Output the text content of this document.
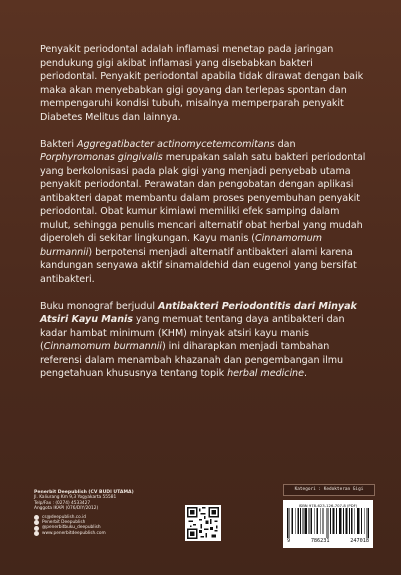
Penyakit periodontal adalah inflamasi menetap pada jaringan pendukung gigi akibat inflamasi yang disebabkan bakteri periodontal. Penyakit periodontal apabila tidak dirawat dengan baik maka akan menyebabkan gigi goyang dan terlepas spontan dan mempengaruhi kondisi tubuh, misalnya memperparah penyakit Diabetes Melitus dan lainnya.

Bakteri Aggregatibacter actinomycetemcomitans dan Porphyromonas gingivalis merupakan salah satu bakteri periodontal yang berkolonisasi pada plak gigi yang menjadi penyebab utama penyakit periodontal. Perawatan dan pengobatan dengan aplikasi antibakteri dapat membantu dalam proses penyembuhan penyakit periodontal. Obat kumur kimiawi memiliki efek samping dalam mulut, sehingga penulis mencari alternatif obat herbal yang mudah diperoleh di sekitar lingkungan. Kayu manis (Cinnamomum burmannii) berpotensi menjadi alternatif antibakteri alami karena kandungan senyawa aktif sinamaldehid dan eugenol yang bersifat antibakteri.

Buku monograf berjudul Antibakteri Periodontitis dari Minyak Atsiri Kayu Manis yang memuat tentang daya antibakteri dan kadar hambat minimum (KHM) minyak atsiri kayu manis (Cinnamomum burmannii) ini diharapkan menjadi tambahan referensi dalam menambah khazanah dan pengembangan ilmu pengetahuan khususnya tentang topik herbal medicine.

Penerbit Deepublish (CV BUDI UTAMA)
Jl. Kaliurang Km 9,3 Yogyakarta 55581
Telp/Fax : (0274) 4533427
Anggota IKAPI (076/DIY/2012)
cs@deepublish.co.id
Penerbit Deepublish
@penerbitbuku_deepublish
www.penerbitdeepublish.com
Kategori : Kedokteran Gigi
ISBN 978-623-126-707-8 (PDF)
9	786231	247018
